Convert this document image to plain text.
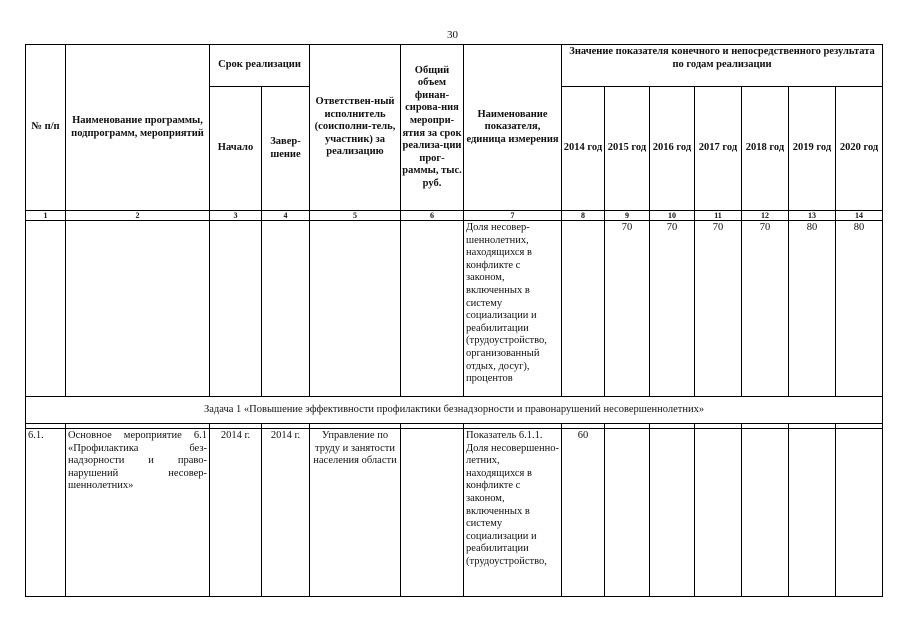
30
№ п/п	Наименование программы, подпрограмм, мероприятий	Срок реализации		Ответствен-ный исполнитель (соисполни-тель, участник) за реализацию	Общий объем финан-сирова-ния меропри-ятия за срок реализа-ции прог-раммы, тыс. руб.	Наименование показателя, единица измерения	Значение показателя конечного и непосредственного результата по годам реализации						
		Начало	Завер-шение				2014 год	2015 год	2016 год	2017 год	2018 год	2019 год	2020 год
1	2	3	4	5	6	7	8	9	10	11	12	13	14
						Доля несовер-шеннолетних, находящихся в конфликте с законом, включенных в систему социализации и реабилитации (трудоустройство, организованный отдых, досуг), процентов		70	70	70	70	80	80
Задача 1 «Повышение эффективности профилактики безнадзорности и правонарушений несовершеннолетних»													

6.1.	Основное мероприятие 6.1 «Профилактика без-надзорности и право-нарушений несовер-шеннолетних»	2014 г.	2014 г.	Управление по труду и занятости населения области		Показатель 6.1.1. Доля несовершенно-летних, находящихся в конфликте с законом, включенных в систему социализации и реабилитации (трудоустройство,	60						
